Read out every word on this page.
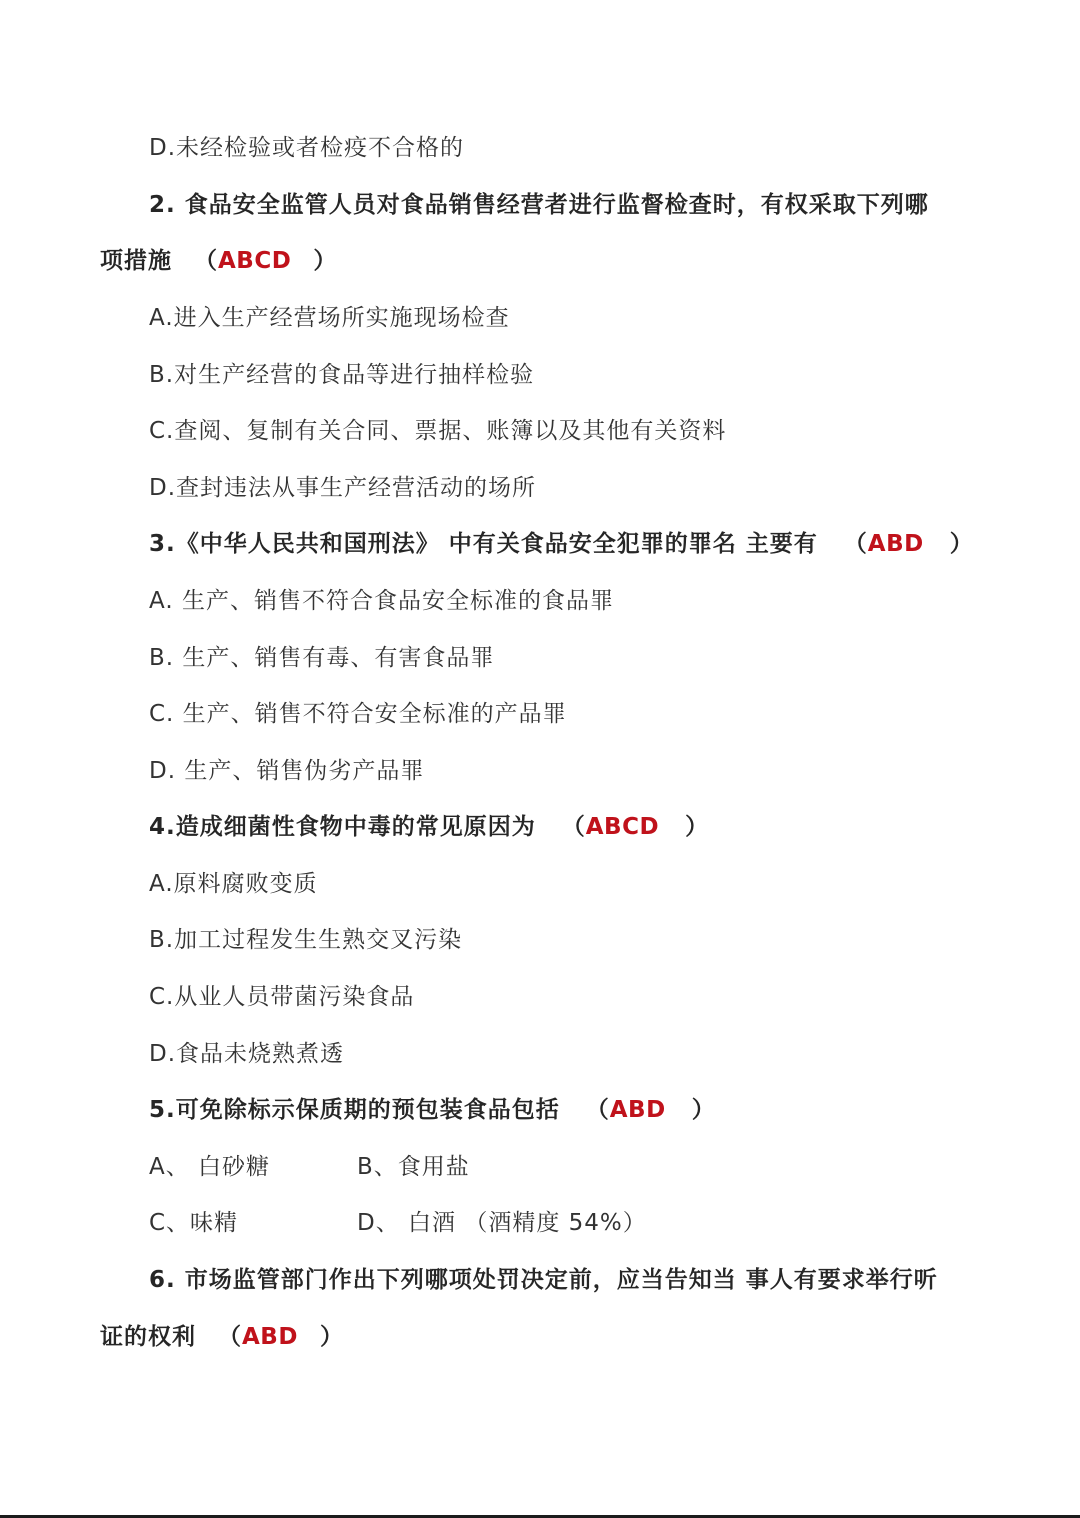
D.未经检验或者检疫不合格的
2. 食品安全监管人员对食品销售经营者进行监督检查时，有权采取下列哪
项措施 （ABCD ）
A.进入生产经营场所实施现场检查
B.对生产经营的食品等进行抽样检验
C.查阅、复制有关合同、票据、账簿以及其他有关资料
D.查封违法从事生产经营活动的场所
3.《中华人民共和国刑法》 中有关食品安全犯罪的罪名 主要有 （ABD ）
A. 生产、销售不符合食品安全标准的食品罪
B. 生产、销售有毒、有害食品罪
C. 生产、销售不符合安全标准的产品罪
D. 生产、销售伪劣产品罪
4.造成细菌性食物中毒的常见原因为 （ABCD ）
A.原料腐败变质
B.加工过程发生生熟交叉污染
C.从业人员带菌污染食品
D.食品未烧熟煮透
5.可免除标示保质期的预包装食品包括 （ABD ）
A、 白砂糖	B、食用盐
C、味精	D、 白酒 （酒精度 54%）
6. 市场监管部门作出下列哪项处罚决定前，应当告知当 事人有要求举行听
证的权利 （ABD ）
